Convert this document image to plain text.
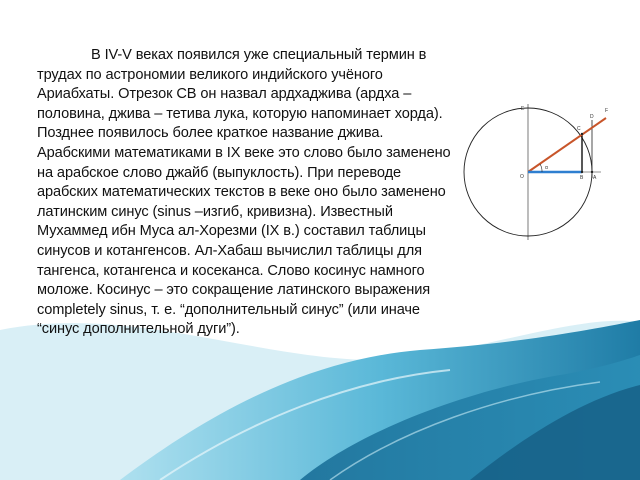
В IV-V веках появился уже специальный термин в трудах по астрономии великого индийского учёного Ариабхаты. Отрезок CB он назвал ардхаджива (ардха –половина, джива – тетива лука, которую напоминает хорда). Позднее появилось более краткое название джива. Арабскими математиками в IX веке это слово было заменено на арабское слово джайб (выпуклость). При переводе арабских математических текстов в веке оно было заменено латинским синус (sinus –изгиб, кривизна). Известный Мухаммед ибн Муса ал-Хорезми (IX в.) составил таблицы синусов и котангенсов. Ал-Хабаш вычислил таблицы для тангенса, котангенса и косеканса. Слово косинус намного моложе. Косинус – это сокращение латинского выражения completely sinus, т. е. “дополнительный синус” (или иначе “синус дополнительной дуги”).

E
C
D
F
O	B A
α
